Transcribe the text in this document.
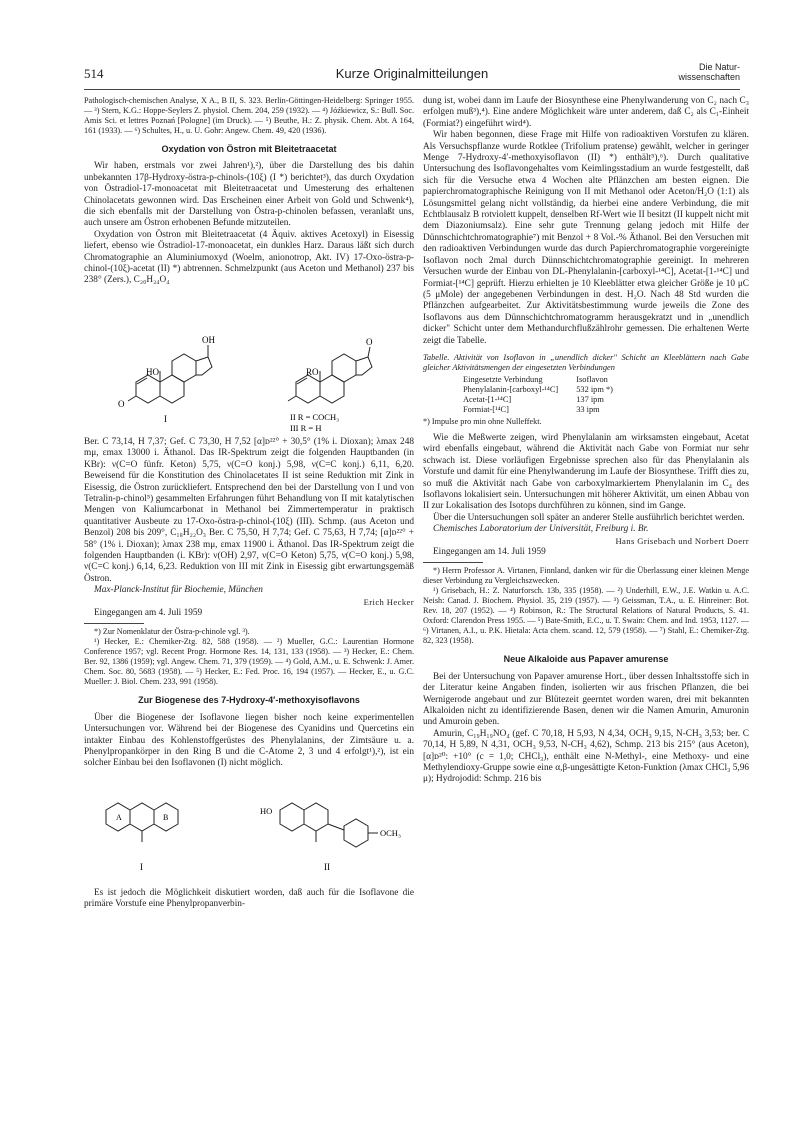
514	Kurze Originalmitteilungen	Die Natur-
wissenschaften

Pathologisch-chemischen Analyse, X A., B II, S. 323. Berlin-Göttingen-Heidelberg: Springer 1955. — ³) Stern, K.G.: Hoppe-Seylers Z. physiol. Chem. 204, 259 (1932). — ⁴) Jóźkiewicz, S.: Bull. Soc. Amis Sci. et lettres Poznań [Pologne] (im Druck). — ⁵) Beuthe, H.: Z. physik. Chem. Abt. A 164, 161 (1933). — ⁶) Schultes, H., u. U. Gohr: Angew. Chem. 49, 420 (1936).

Oxydation von Östron mit Bleitetraacetat

Wir haben, erstmals vor zwei Jahren¹),²), über die Darstellung des bis dahin unbekannten 17β-Hydroxy-östra-p-chinols-(10ξ) (I *) berichtet³), das durch Oxydation von Östradiol-17-monoacetat mit Bleitetraacetat und Umesterung des erhaltenen Chinolacetats gewonnen wird. Das Erscheinen einer Arbeit von Gold und Schwenk⁴), die sich ebenfalls mit der Darstellung von Östra-p-chinolen befassen, veranlaßt uns, auch unsere am Östron erhobenen Befunde mitzuteilen.

Oxydation von Östron mit Bleitetraacetat (4 Äquiv. aktives Acetoxyl) in Eisessig liefert, ebenso wie Östradiol-17-monoacetat, ein dunkles Harz. Daraus läßt sich durch Chromatographie an Aluminiumoxyd (Woelm, anionotrop, Akt. IV) 17-Oxo-östra-p-chinol-(10ξ)-acetat (II) *) abtrennen. Schmelzpunkt (aus Aceton und Methanol) 237 bis 238° (Zers.), C₂₀H₂₄O₄

OH
HO
O
RO
O
I	II R = COCH₃
III R = H

Ber. C 73,14, H 7,37; Gef. C 73,30, H 7,52 [α]ᴅ²²° + 30,5° (1% i. Dioxan); λmax 248 mμ, εmax 13000 i. Äthanol. Das IR-Spektrum zeigt die folgenden Hauptbanden (in KBr): ν(C=O fünfr. Keton) 5,75, ν(C=O konj.) 5,98, ν(C=C konj.) 6,11, 6,20. Beweisend für die Konstitution des Chinolacetates II ist seine Reduktion mit Zink in Eisessig, die Östron zurückliefert. Entsprechend den bei der Darstellung von I und von Tetralin-p-chinol⁵) gesammelten Erfahrungen führt Behandlung von II mit katalytischen Mengen von Kaliumcarbonat in Methanol bei Zimmertemperatur in praktisch quantitativer Ausbeute zu 17-Oxo-östra-p-chinol-(10ξ) (III). Schmp. (aus Aceton und Benzol) 208 bis 209°, C₁₈H₂₂O₃ Ber. C 75,50, H 7,74; Gef. C 75,63, H 7,74; [α]ᴅ²²° + 58° (1% i. Dioxan); λmax 238 mμ, εmax 11900 i. Äthanol. Das IR-Spektrum zeigt die folgenden Hauptbanden (i. KBr): ν(OH) 2,97, ν(C=O Keton) 5,75, ν(C=O konj.) 5,98, ν(C=C konj.) 6,14, 6,23. Reduktion von III mit Zink in Eisessig gibt erwartungsgemäß Östron.

Max-Planck-Institut für Biochemie, München

Erich Hecker

Eingegangen am 4. Juli 1959

*) Zur Nomenklatur der Östra-p-chinole vgl. ³).

¹) Hecker, E.: Chemiker-Ztg. 82, 588 (1958). — ²) Mueller, G.C.: Laurentian Hormone Conference 1957; vgl. Recent Progr. Hormone Res. 14, 131, 133 (1958). — ³) Hecker, E.: Chem. Ber. 92, 1386 (1959); vgl. Angew. Chem. 71, 379 (1959). — ⁴) Gold, A.M., u. E. Schwenk: J. Amer. Chem. Soc. 80, 5683 (1958). — ⁵) Hecker, E.: Fed. Proc. 16, 194 (1957). — Hecker, E., u. G.C. Mueller: J. Biol. Chem. 233, 991 (1958).

Zur Biogenese des 7-Hydroxy-4′-methoxyisoflavons

Über die Biogenese der Isoflavone liegen bisher noch keine experimentellen Untersuchungen vor. Während bei der Biogenese des Cyanidins und Quercetins ein intakter Einbau des Kohlenstoffgerüstes des Phenylalanins, der Zimtsäure u. a. Phenylpropankörper in den Ring B und die C-Atome 2, 3 und 4 erfolgt¹),²), ist ein solcher Einbau bei den Isoflavonen (I) nicht möglich.

A	B
HO
OCH₃
I	II

Es ist jedoch die Möglichkeit diskutiert worden, daß auch für die Isoflavone die primäre Vorstufe eine Phenylpropanverbin-

dung ist, wobei dann im Laufe der Biosynthese eine Phenylwanderung von C₂ nach C₃ erfolgen muß³),⁴). Eine andere Möglichkeit wäre unter anderem, daß C₂ als C₁-Einheit (Formiat?) eingeführt wird⁴).

Wir haben begonnen, diese Frage mit Hilfe von radioaktiven Vorstufen zu klären. Als Versuchspflanze wurde Rotklee (Trifolium pratense) gewählt, welcher in geringer Menge 7-Hydroxy-4′-methoxyisoflavon (II) *) enthält⁵),⁶). Durch qualitative Untersuchung des Isoflavongehaltes vom Keimlingsstadium an wurde festgestellt, daß sich für die Versuche etwa 4 Wochen alte Pflänzchen am besten eignen. Die papierchromatographische Reinigung von II mit Methanol oder Aceton/H₂O (1:1) als Lösungsmittel gelang nicht vollständig, da hierbei eine andere Verbindung, die mit Echtblausalz B rotviolett kuppelt, denselben Rf-Wert wie II besitzt (II kuppelt nicht mit dem Diazoniumsalz). Eine sehr gute Trennung gelang jedoch mit Hilfe der Dünnschichtchromatographie⁷) mit Benzol + 8 Vol.-% Äthanol. Bei den Versuchen mit den radioaktiven Verbindungen wurde das durch Papierchromatographie vorgereinigte Isoflavon noch 2mal durch Dünnschichtchromatographie gereinigt. In mehreren Versuchen wurde der Einbau von DL-Phenylalanin-[carboxyl-¹⁴C], Acetat-[1-¹⁴C] und Formiat-[¹⁴C] geprüft. Hierzu erhielten je 10 Kleeblätter etwa gleicher Größe je 10 μC (5 μMole) der angegebenen Verbindungen in dest. H₂O. Nach 48 Std wurden die Pflänzchen aufgearbeitet. Zur Aktivitätsbestimmung wurde jeweils die Zone des Isoflavons aus dem Dünnschichtchromatogramm herausgekratzt und in „unendlich dicker" Schicht unter dem Methandurchflußzählrohr gemessen. Die erhaltenen Werte zeigt die Tabelle.

Tabelle. Aktivität von Isoflavon in „unendlich dicker" Schicht an Kleeblättern nach Gabe gleicher Aktivitätsmengen der eingesetzten Verbindungen

Eingesetzte Verbindung	Isoflavon
Phenylalanin-[carboxyl-¹⁴C]	532 ipm *)
Acetat-[1-¹⁴C]	137 ipm
Formiat-[¹⁴C]	33 ipm

*) Impulse pro min ohne Nulleffekt.

Wie die Meßwerte zeigen, wird Phenylalanin am wirksamsten eingebaut, Acetat wird ebenfalls eingebaut, während die Aktivität nach Gabe von Formiat nur sehr schwach ist. Diese vorläufigen Ergebnisse sprechen also für das Phenylalanin als Vorstufe und damit für eine Phenylwanderung im Laufe der Biosynthese. Trifft dies zu, so muß die Aktivität nach Gabe von carboxylmarkiertem Phenylalanin im C₄ des Isoflavons lokalisiert sein. Untersuchungen mit höherer Aktivität, um einen Abbau von II zur Lokalisation des Isotops durchführen zu können, sind im Gange.

Über die Untersuchungen soll später an anderer Stelle ausführlich berichtet werden.

Chemisches Laboratorium der Universität, Freiburg i. Br.

Hans Grisebach und Norbert Doerr

Eingegangen am 14. Juli 1959

*) Herrn Professor A. Virtanen, Finnland, danken wir für die Überlassung einer kleinen Menge dieser Verbindung zu Vergleichszwecken.

¹) Grisebach, H.: Z. Naturforsch. 13b, 335 (1958). — ²) Underhill, E.W., J.E. Watkin u. A.C. Neish: Canad. J. Biochem. Physiol. 35, 219 (1957). — ³) Geissman, T.A., u. E. Hinreiner: Bot. Rev. 18, 207 (1952). — ⁴) Robinson, R.: The Structural Relations of Natural Products, S. 41. Oxford: Clarendon Press 1955. — ⁵) Bate-Smith, E.C., u. T. Swain: Chem. and Ind. 1953, 1127. — ⁶) Virtanen, A.I., u. P.K. Hietala: Acta chem. scand. 12, 579 (1958). — ⁷) Stahl, E.: Chemiker-Ztg. 82, 323 (1958).

Neue Alkaloide aus Papaver amurense

Bei der Untersuchung von Papaver amurense Hort., über dessen Inhaltsstoffe sich in der Literatur keine Angaben finden, isolierten wir aus frischen Pflanzen, die bei Wernigerode angebaut und zur Blütezeit geerntet worden waren, drei mit bekannten Alkaloiden nicht zu identifizierende Basen, denen wir die Namen Amurin, Amuronin und Amuroin geben.

Amurin, C₁₉H₁₉NO₄ (gef. C 70,18, H 5,93, N 4,34, OCH₃ 9,15, N-CH₃ 3,53; ber. C 70,14, H 5,89, N 4,31, OCH₃ 9,53, N-CH₃ 4,62), Schmp. 213 bis 215° (aus Aceton), [α]ᴅ²⁰: +10° (c = 1,0; CHCl₃), enthält eine N-Methyl-, eine Methoxy- und eine Methylendioxy-Gruppe sowie eine α,β-ungesättigte Keton-Funktion (λmax CHCl₃ 5,96 μ); Hydrojodid: Schmp. 216 bis
